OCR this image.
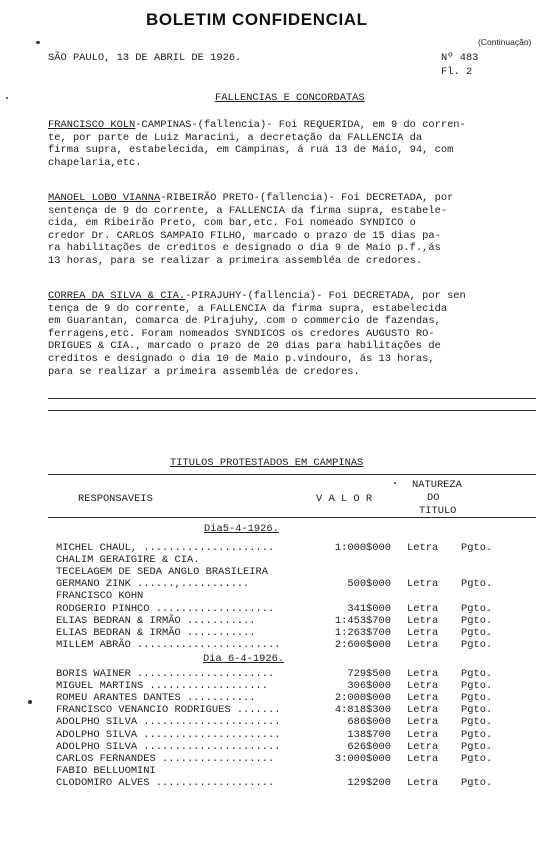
BOLETIM CONFIDENCIAL
(Continuação)
SÃO PAULO, 13 DE ABRIL DE 1926.	Nº 483
Fl. 2
FALLENCIAS E CONCORDATAS
FRANCISCO KOLN-CAMPINAS-(fallencia)- Foi REQUERIDA, em 9 do corren-
te, por parte de Luiz Maracini, a decretação da FALLENCIA da
firma supra, estabelecida, em Campinas, á rua 13 de Maio, 94, com
chapelaria,etc.
MANOEL LOBO VIANNA-RIBEIRÃO PRETO-(fallencia)- Foi DECRETADA, por
sentença de 9 do corrente, a FALLENCIA da firma supra, estabele-
cida, em Ribeirão Preto, com bar,etc. Foi nomeado SYNDICO o
credor Dr. CARLOS SAMPAIO FILHO, marcado o prazo de 15 dias pa-
ra habilitações de creditos e designado o dia 9 de Maio p.f.,ás
13 horas, para se realizar a primeira assembléa de credores.
CORREA DA SILVA & CIA.-PIRAJUHY-(fallencia)- Foi DECRETADA, por sen
tença de 9 do corrente, a FALLENCIA da firma supra, estabelecida
em Guarantan, comarca de Pirajuhy, com o commercio de fazendas,
ferragens,etc. Foram nomeados SYNDICOS os credores AUGUSTO RO-
DRIGUES & CIA., marcado o prazo de 20 dias para habilitações de
creditos e designado o dia 10 de Maio p.vindouro, ás 13 horas,
para se realizar a primeira assembléa de credores.
TITULOS PROTESTADOS EM CAMPINAS
RESPONSAVEIS	V A L O R
NATUREZA
DO
TITULO
Dia5-4-1926.
MICHEL CHAUL, .....................	1:000$000 Letra Pgto.
CHALIM GERAIGIRE & CIA.
TECELAGEM DE SEDA ANGLO BRASILEIRA
GERMANO ZINK ......,...........	500$000 Letra Pgto.
FRANCISCO KOHN
RODGERIO PINHCO ...................	341$000 Letra Pgto.
ELIAS BEDRAN & IRMÃO ...........	1:453$700 Letra Pgto.
ELIAS BEDRAN & IRMÃO ...........	1:263$700 Letra Pgto.
MILLEM ABRÃO .......................	2:600$000 Letra Pgto.
Dia 6-4-1926.
BORIS WAINER ......................	729$500 Letra Pgto.
MIGUEL MARTINS ...................	306$000 Letra Pgto.
ROMEU ARANTES DANTES ...........	2:000$000 Letra Pgto.
FRANCISCO VENANCIO RODRIGUES .......	4:818$300 Letra Pgto.
ADOLPHO SILVA ......................	686$000 Letra Pgto.
ADOLPHO SILVA ......................	138$700 Letra Pgto.
ADOLPHO SILVA ......................	626$000 Letra Pgto.
CARLOS FERNANDES ..................	3:000$000 Letra Pgto.
FABIO BELLUOMINI
CLODOMIRO ALVES ...................	129$200 Letra Pgto.
